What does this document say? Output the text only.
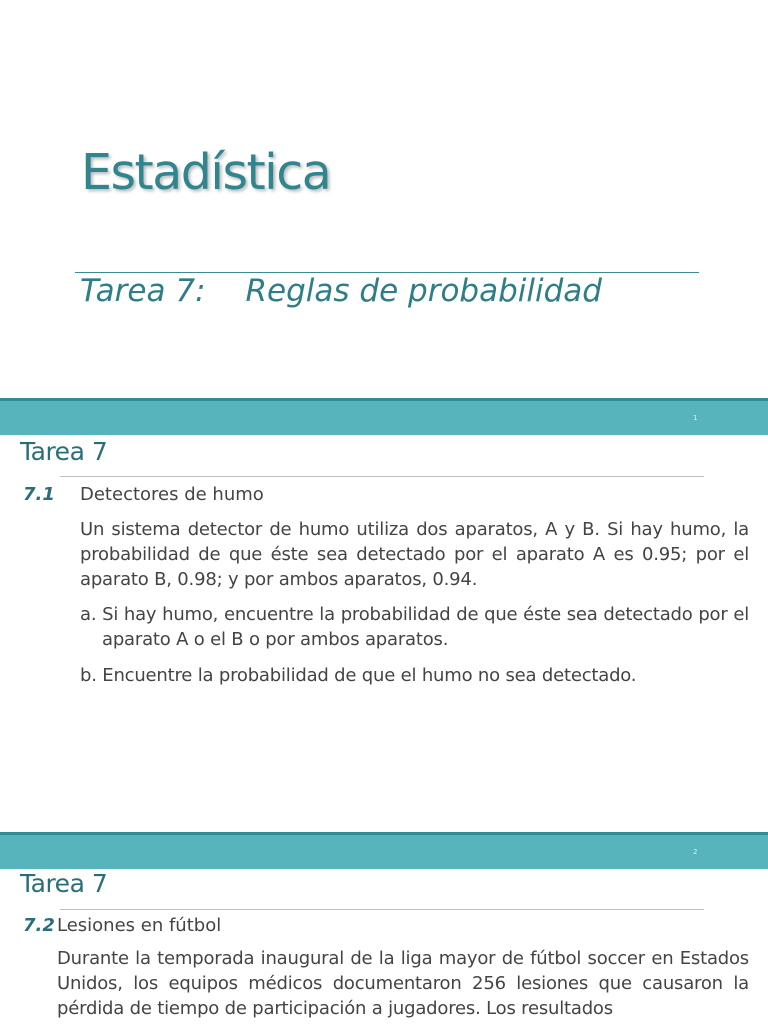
Estadística
Tarea 7: Reglas de probabilidad
1
Tarea 7
7.1 Detectores de humo
Un sistema detector de humo utiliza dos aparatos, A y B. Si hay humo, la probabilidad de que éste sea detectado por el aparato A es 0.95; por el aparato B, 0.98; y por ambos aparatos, 0.94.
a. Si hay humo, encuentre la probabilidad de que éste sea detectado por el aparato A o el B o por ambos aparatos.
b. Encuentre la probabilidad de que el humo no sea detectado.
2
Tarea 7
7.2 Lesiones en fútbol
Durante la temporada inaugural de la liga mayor de fútbol soccer en Estados Unidos, los equipos médicos documentaron 256 lesiones que causaron la pérdida de tiempo de participación a jugadores. Los resultados
